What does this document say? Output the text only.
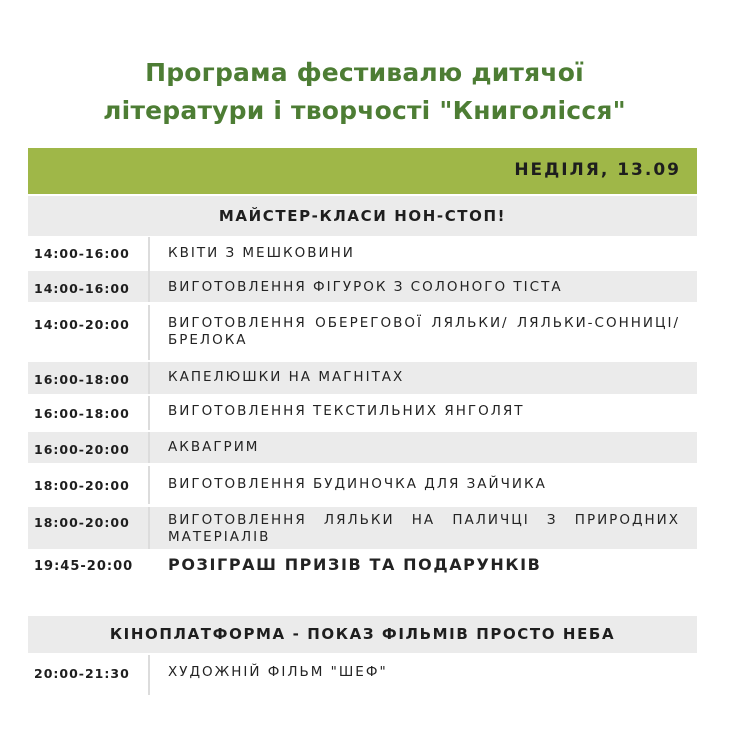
Програма фестивалю дитячої
літератури і творчості "Книголісся"
НЕДІЛЯ, 13.09
МАЙСТЕР-КЛАСИ НОН-СТОП!
14:00-16:00	КВІТИ З МЕШКОВИНИ
14:00-16:00	ВИГОТОВЛЕННЯ ФІГУРОК З СОЛОНОГО ТІСТА
14:00-20:00	ВИГОТОВЛЕННЯ ОБЕРЕГОВОЇ ЛЯЛЬКИ/ ЛЯЛЬКИ-СОННИЦІ/БРЕЛОКА
16:00-18:00	КАПЕЛЮШКИ НА МАГНІТАХ
16:00-18:00	ВИГОТОВЛЕННЯ ТЕКСТИЛЬНИХ ЯНГОЛЯТ
16:00-20:00	АКВАГРИМ
18:00-20:00	ВИГОТОВЛЕННЯ БУДИНОЧКА ДЛЯ ЗАЙЧИКА
18:00-20:00	ВИГОТОВЛЕННЯ ЛЯЛЬКИ НА ПАЛИЧЦІ З ПРИРОДНИХ МАТЕРІАЛІВ
19:45-20:00 РОЗІГРАШ ПРИЗІВ ТА ПОДАРУНКІВ
КІНОПЛАТФОРМА - ПОКАЗ ФІЛЬМІВ ПРОСТО НЕБА
20:00-21:30	ХУДОЖНІЙ ФІЛЬМ "ШЕФ"
